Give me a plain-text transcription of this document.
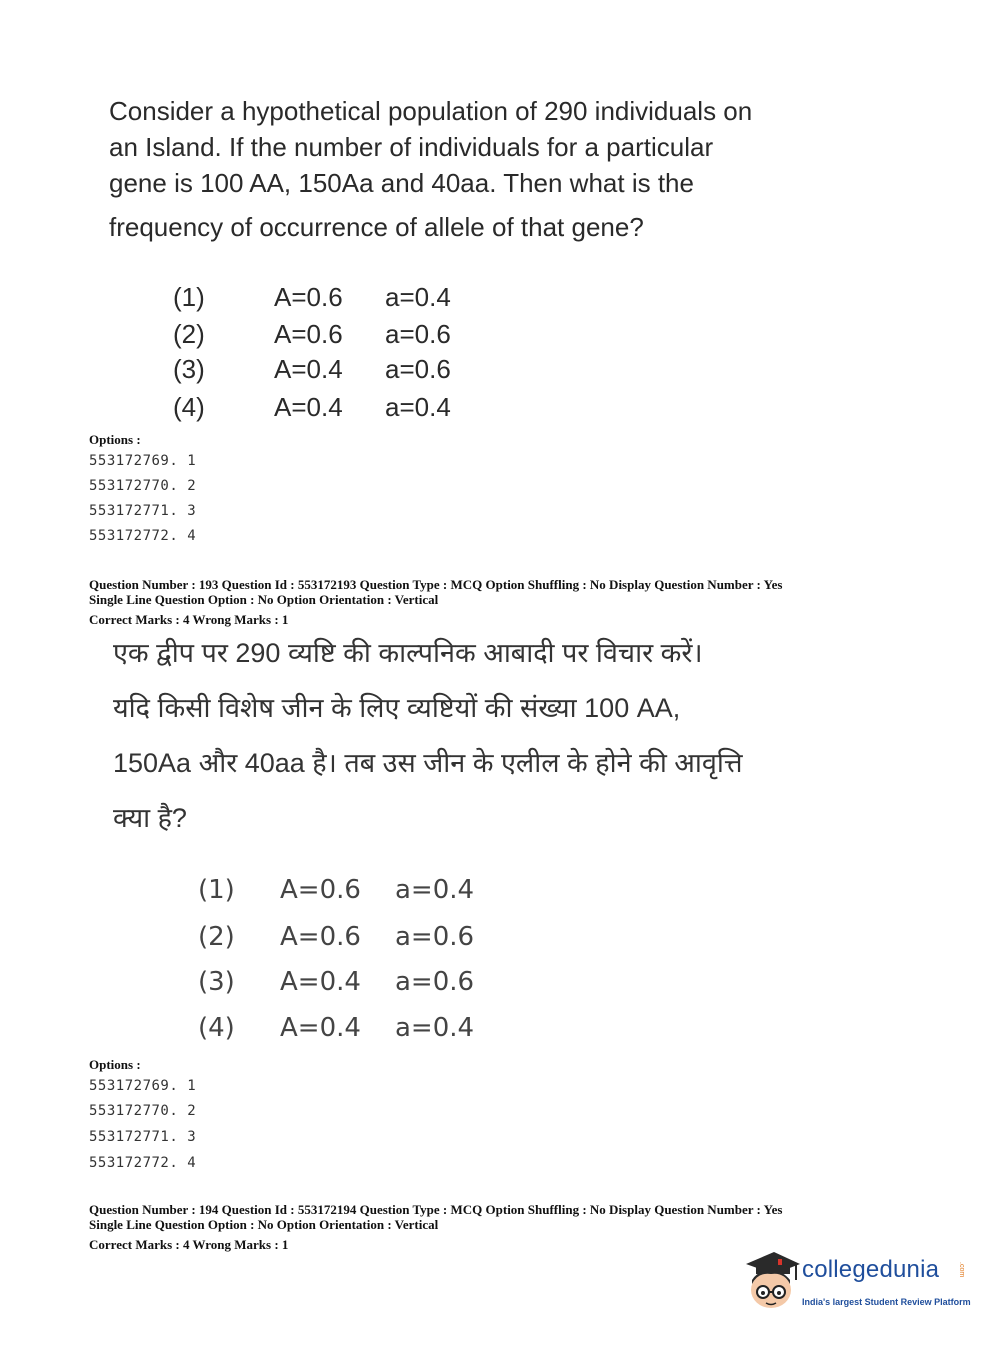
Consider a hypothetical population of 290 individuals on

an Island. If the number of individuals for a particular

gene is 100 AA, 150Aa and 40aa. Then what is the

frequency of occurrence of allele of that gene?

(1)	A=0.6 a=0.4
(2)	A=0.6 a=0.6
(3)	A=0.4 a=0.6
(4)	A=0.4 a=0.4
Options :
553172769. 1
553172770. 2
553172771. 3
553172772. 4
Question Number : 193 Question Id : 553172193 Question Type : MCQ Option Shuffling : No Display Question Number : Yes
Single Line Question Option : No Option Orientation : Vertical
Correct Marks : 4 Wrong Marks : 1

एक द्वीप पर 290 व्यष्टि की काल्पनिक आबादी पर विचार करें।

यदि किसी विशेष जीन के लिए व्यष्टियों की संख्या 100 AA,

150Aa और 40aa है। तब उस जीन के एलील के होने की आवृत्ति

क्या है?

(1) A=0.6 a=0.4
(2) A=0.6 a=0.6
(3) A=0.4 a=0.6
(4) A=0.4 a=0.4
Options :
553172769. 1
553172770. 2
553172771. 3
553172772. 4
Question Number : 194 Question Id : 553172194 Question Type : MCQ Option Shuffling : No Display Question Number : Yes
Single Line Question Option : No Option Orientation : Vertical
Correct Marks : 4 Wrong Marks : 1
collegedunia	.com
India's largest Student Review Platform
